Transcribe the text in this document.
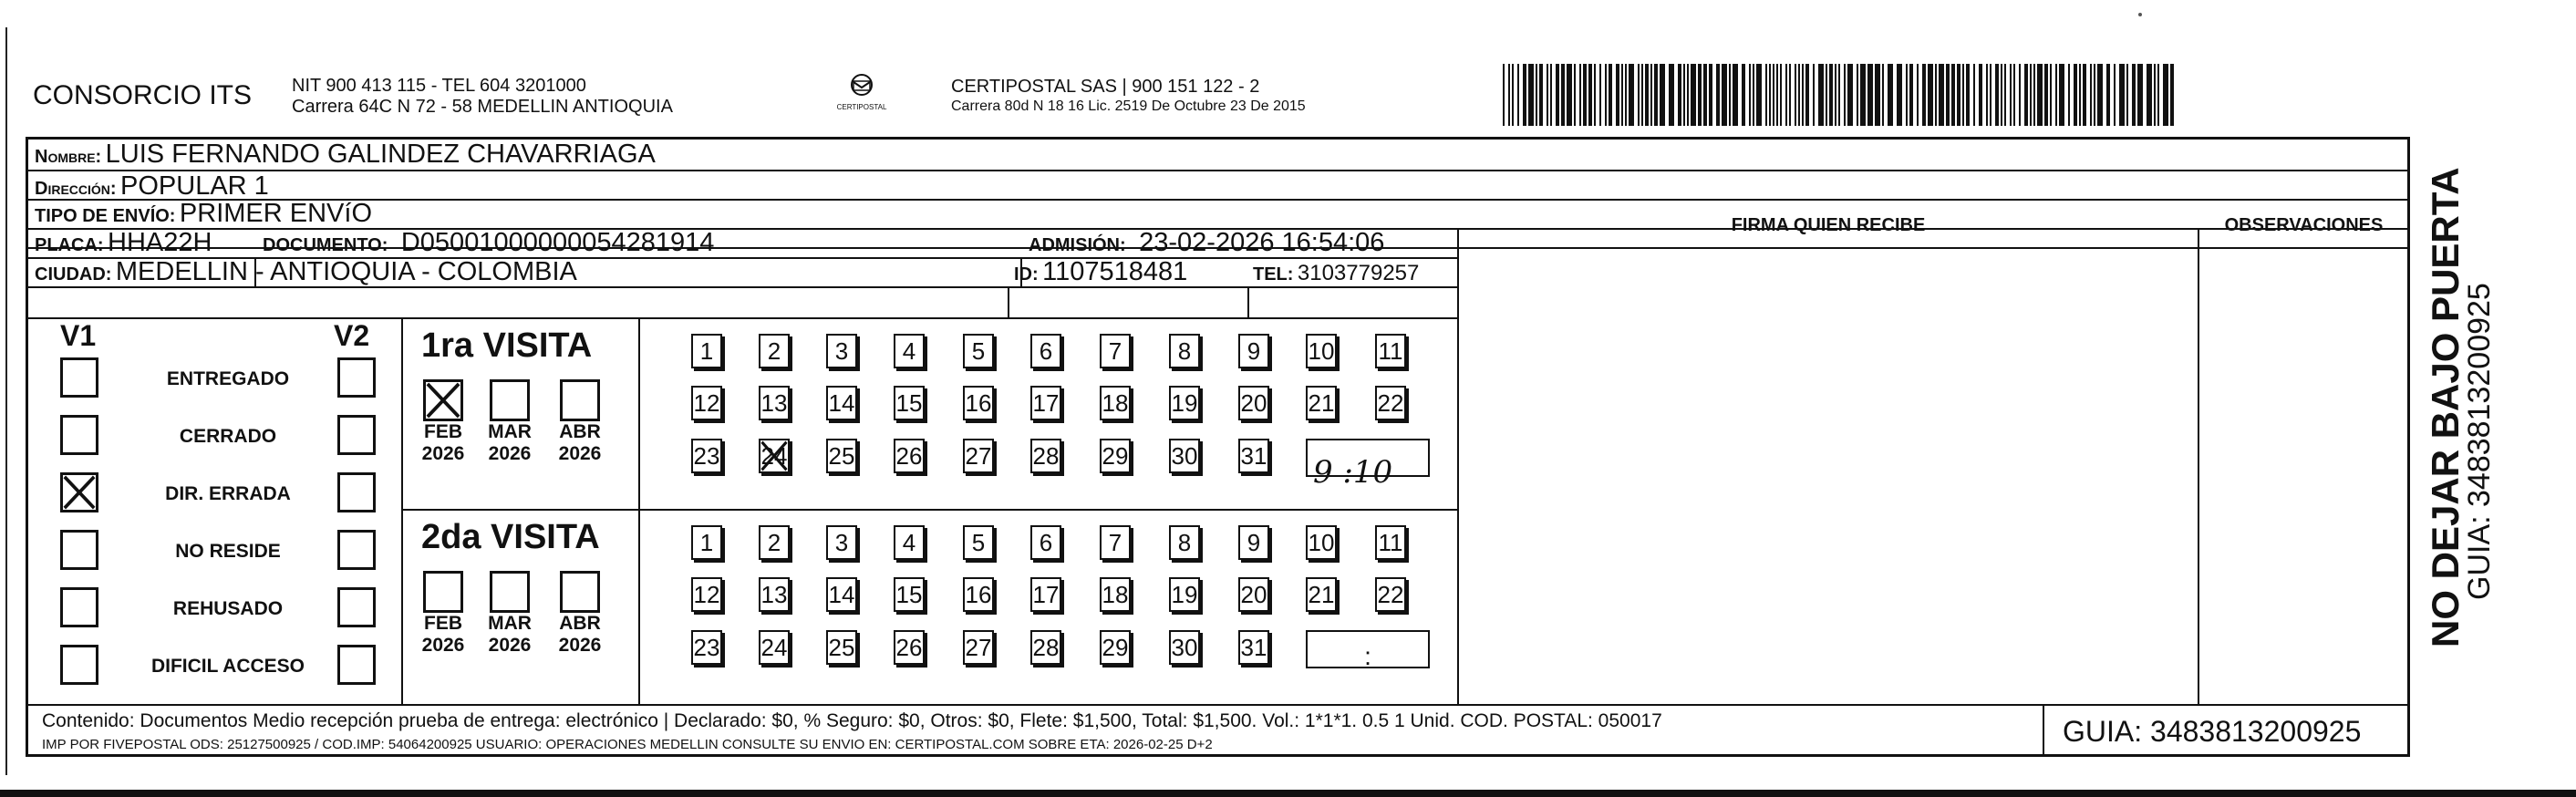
CONSORCIO ITS NIT 900 413 115 - TEL 604 3201000
Carrera 64C N 72 - 58 MEDELLIN ANTIOQUIA	CERTIPOSTAL
CERTIPOSTAL SAS | 900 151 122 - 2
Carrera 80d N 18 16 Lic. 2519 De Octubre 23 De 2015
Nombre: LUIS FERNANDO GALINDEZ CHAVARRIAGA
Dirección: POPULAR 1
TIPO DE ENVÍO: PRIMER ENVíO
PLACA: HHA22H	DOCUMENTO: D05001000000054281914	ADMISIÓN: 23-02-2026 16:54:06
CIUDAD: MEDELLIN - ANTIOQUIA - COLOMBIA	ID: 1107518481	TEL: 3103779257
FIRMA QUIEN RECIBE	OBSERVACIONES
V1	V2
ENTREGADO
CERRADO
DIR. ERRADA
NO RESIDE
REHUSADO
DIFICIL ACCESO
1ra VISITA
2da VISITA
1	2	3	4	5	6	7	8	9	10 11
12 13 14 15 16 17 18 19 20 21 22
23 24 25 26 27 28 29 30 31
FEB
2026
MAR
2026
ABR
2026
1	2	3	4	5	6	7	8	9	10 11
12 13 14 15 16 17 18 19 20 21 22
23 24 25 26 27 28 29 30 31
FEB
2026
MAR
2026
ABR
2026
9 :10
:
Contenido: Documentos Medio recepción prueba de entrega: electrónico | Declarado: $0, % Seguro: $0, Otros: $0, Flete: $1,500, Total: $1,500. Vol.: 1*1*1. 0.5 1 Unid. COD. POSTAL: 050017
IMP POR FIVEPOSTAL ODS: 25127500925 / COD.IMP: 54064200925 USUARIO: OPERACIONES MEDELLIN CONSULTE SU ENVIO EN: CERTIPOSTAL.COM SOBRE ETA: 2026-02-25 D+2	GUIA: 3483813200925
NO DEJAR BAJO PUERTA
GUIA: 3483813200925
